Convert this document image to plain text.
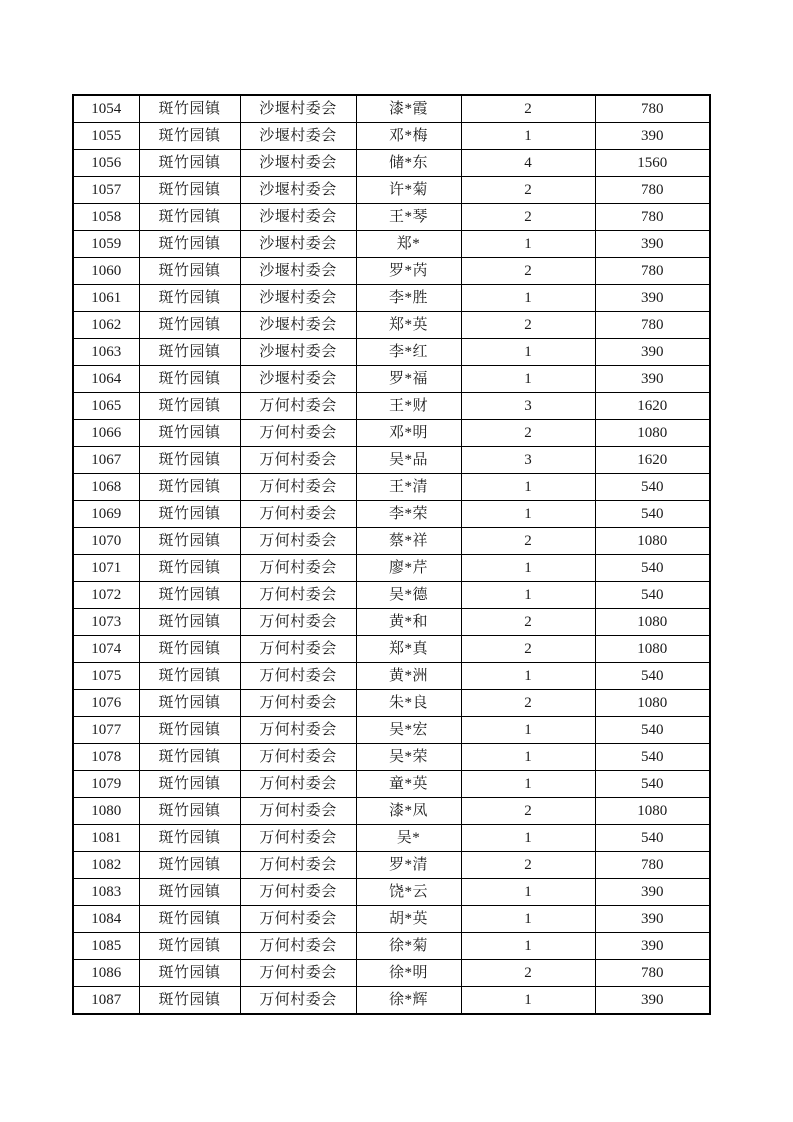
1054	斑竹园镇	沙堰村委会	漆*霞	2	780
1055	斑竹园镇	沙堰村委会	邓*梅	1	390
1056	斑竹园镇	沙堰村委会	储*东	4	1560
1057	斑竹园镇	沙堰村委会	许*菊	2	780
1058	斑竹园镇	沙堰村委会	王*琴	2	780
1059	斑竹园镇	沙堰村委会	郑*	1	390
1060	斑竹园镇	沙堰村委会	罗*芮	2	780
1061	斑竹园镇	沙堰村委会	李*胜	1	390
1062	斑竹园镇	沙堰村委会	郑*英	2	780
1063	斑竹园镇	沙堰村委会	李*红	1	390
1064	斑竹园镇	沙堰村委会	罗*福	1	390
1065	斑竹园镇	万何村委会	王*财	3	1620
1066	斑竹园镇	万何村委会	邓*明	2	1080
1067	斑竹园镇	万何村委会	吴*品	3	1620
1068	斑竹园镇	万何村委会	王*清	1	540
1069	斑竹园镇	万何村委会	李*荣	1	540
1070	斑竹园镇	万何村委会	蔡*祥	2	1080
1071	斑竹园镇	万何村委会	廖*芹	1	540
1072	斑竹园镇	万何村委会	吴*德	1	540
1073	斑竹园镇	万何村委会	黄*和	2	1080
1074	斑竹园镇	万何村委会	郑*真	2	1080
1075	斑竹园镇	万何村委会	黄*洲	1	540
1076	斑竹园镇	万何村委会	朱*良	2	1080
1077	斑竹园镇	万何村委会	吴*宏	1	540
1078	斑竹园镇	万何村委会	吴*荣	1	540
1079	斑竹园镇	万何村委会	童*英	1	540
1080	斑竹园镇	万何村委会	漆*凤	2	1080
1081	斑竹园镇	万何村委会	吴*	1	540
1082	斑竹园镇	万何村委会	罗*清	2	780
1083	斑竹园镇	万何村委会	饶*云	1	390
1084	斑竹园镇	万何村委会	胡*英	1	390
1085	斑竹园镇	万何村委会	徐*菊	1	390
1086	斑竹园镇	万何村委会	徐*明	2	780
1087	斑竹园镇	万何村委会	徐*辉	1	390
